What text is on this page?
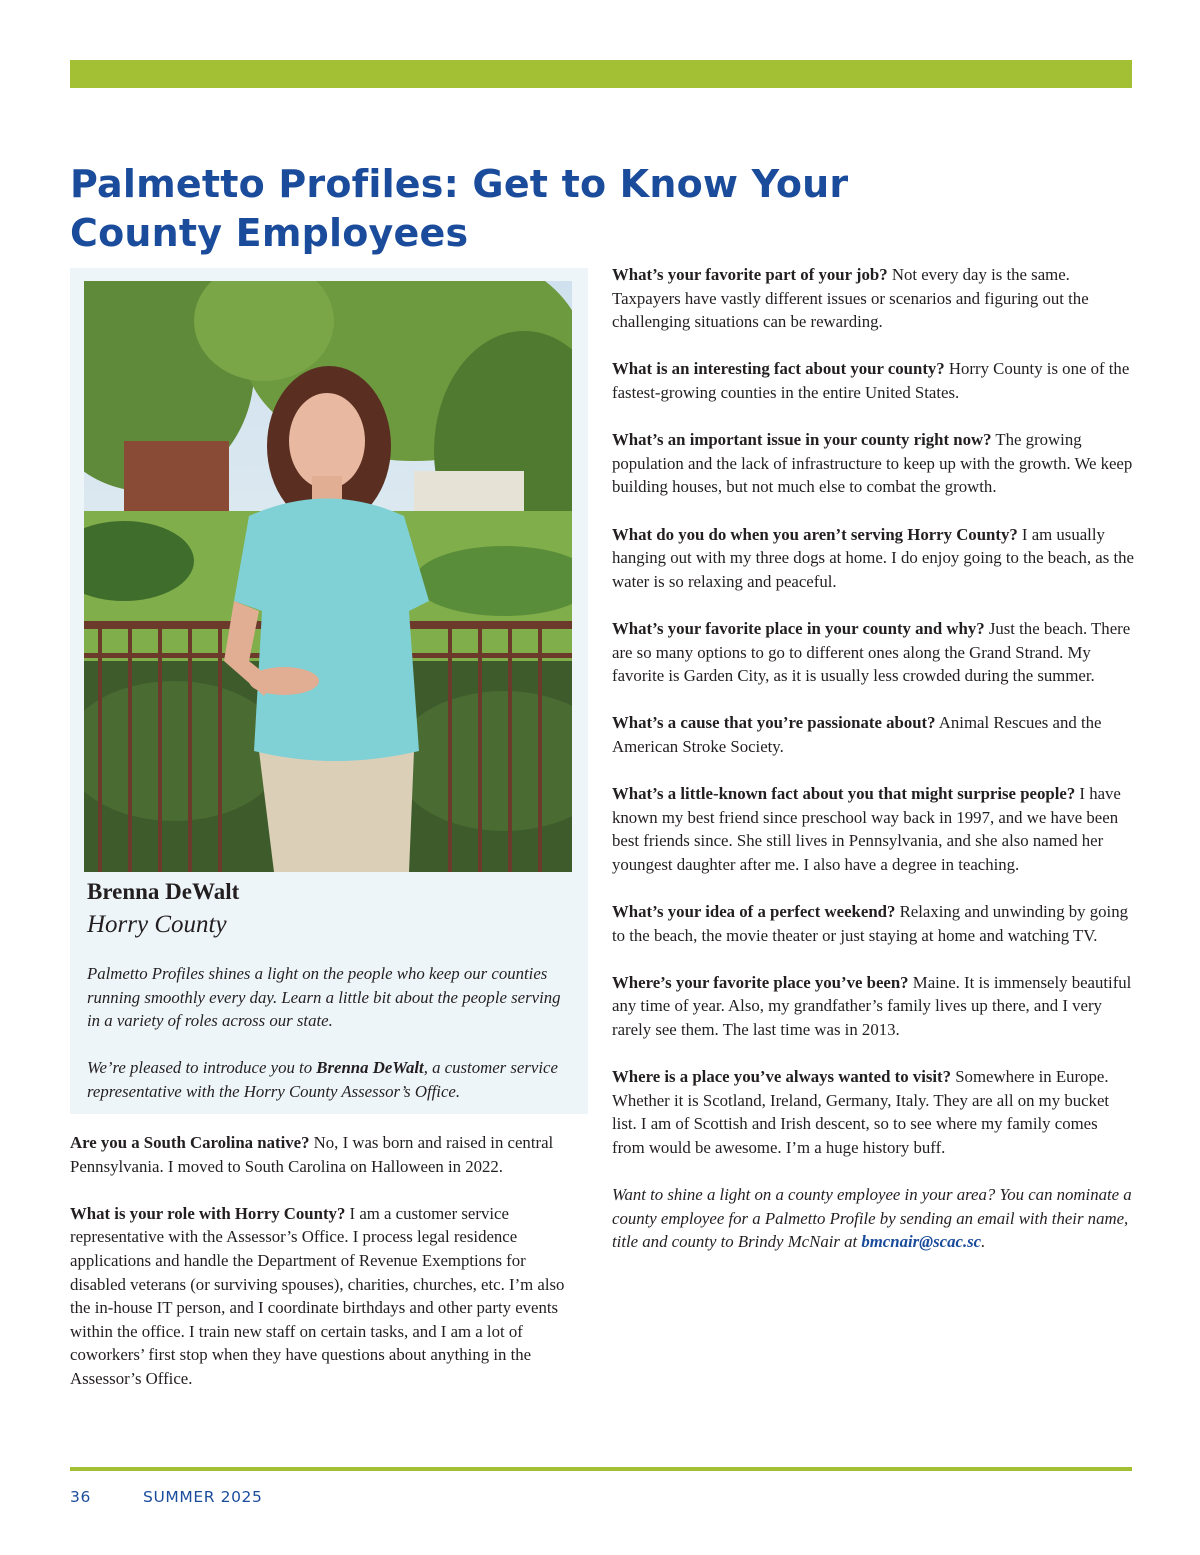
Palmetto Profiles: Get to Know Your County Employees
Brenna DeWalt
Horry County

Palmetto Profiles shines a light on the people who keep our counties running smoothly every day. Learn a little bit about the people serving in a variety of roles across our state.

We’re pleased to introduce you to Brenna DeWalt, a customer service representative with the Horry County Assessor’s Office.

Are you a South Carolina native? No, I was born and raised in central Pennsylvania. I moved to South Carolina on Halloween in 2022.

What is your role with Horry County? I am a customer service representative with the Assessor’s Office. I process legal residence applications and handle the Department of Revenue Exemptions for disabled veterans (or surviving spouses), charities, churches, etc. I’m also the in-house IT person, and I coordinate birthdays and other party events within the office. I train new staff on certain tasks, and I am a lot of coworkers’ first stop when they have questions about anything in the Assessor’s Office.

What’s your favorite part of your job? Not every day is the same. Taxpayers have vastly different issues or scenarios and figuring out the challenging situations can be rewarding.

What is an interesting fact about your county? Horry County is one of the fastest-growing counties in the entire United States.

What’s an important issue in your county right now? The growing population and the lack of infrastructure to keep up with the growth. We keep building houses, but not much else to combat the growth.

What do you do when you aren’t serving Horry County? I am usually hanging out with my three dogs at home. I do enjoy going to the beach, as the water is so relaxing and peaceful.

What’s your favorite place in your county and why? Just the beach. There are so many options to go to different ones along the Grand Strand. My favorite is Garden City, as it is usually less crowded during the summer.

What’s a cause that you’re passionate about? Animal Rescues and the American Stroke Society.

What’s a little-known fact about you that might surprise people? I have known my best friend since preschool way back in 1997, and we have been best friends since. She still lives in Pennsylvania, and she also named her youngest daughter after me. I also have a degree in teaching.

What’s your idea of a perfect weekend? Relaxing and unwinding by going to the beach, the movie theater or just staying at home and watching TV.

Where’s your favorite place you’ve been? Maine. It is immensely beautiful any time of year. Also, my grandfather’s family lives up there, and I very rarely see them. The last time was in 2013.

Where is a place you’ve always wanted to visit? Somewhere in Europe. Whether it is Scotland, Ireland, Germany, Italy. They are all on my bucket list. I am of Scottish and Irish descent, so to see where my family comes from would be awesome. I’m a huge history buff.

Want to shine a light on a county employee in your area? You can nominate a county employee for a Palmetto Profile by sending an email with their name, title and county to Brindy McNair at bmcnair@scac.sc.

36	SUMMER 2025
